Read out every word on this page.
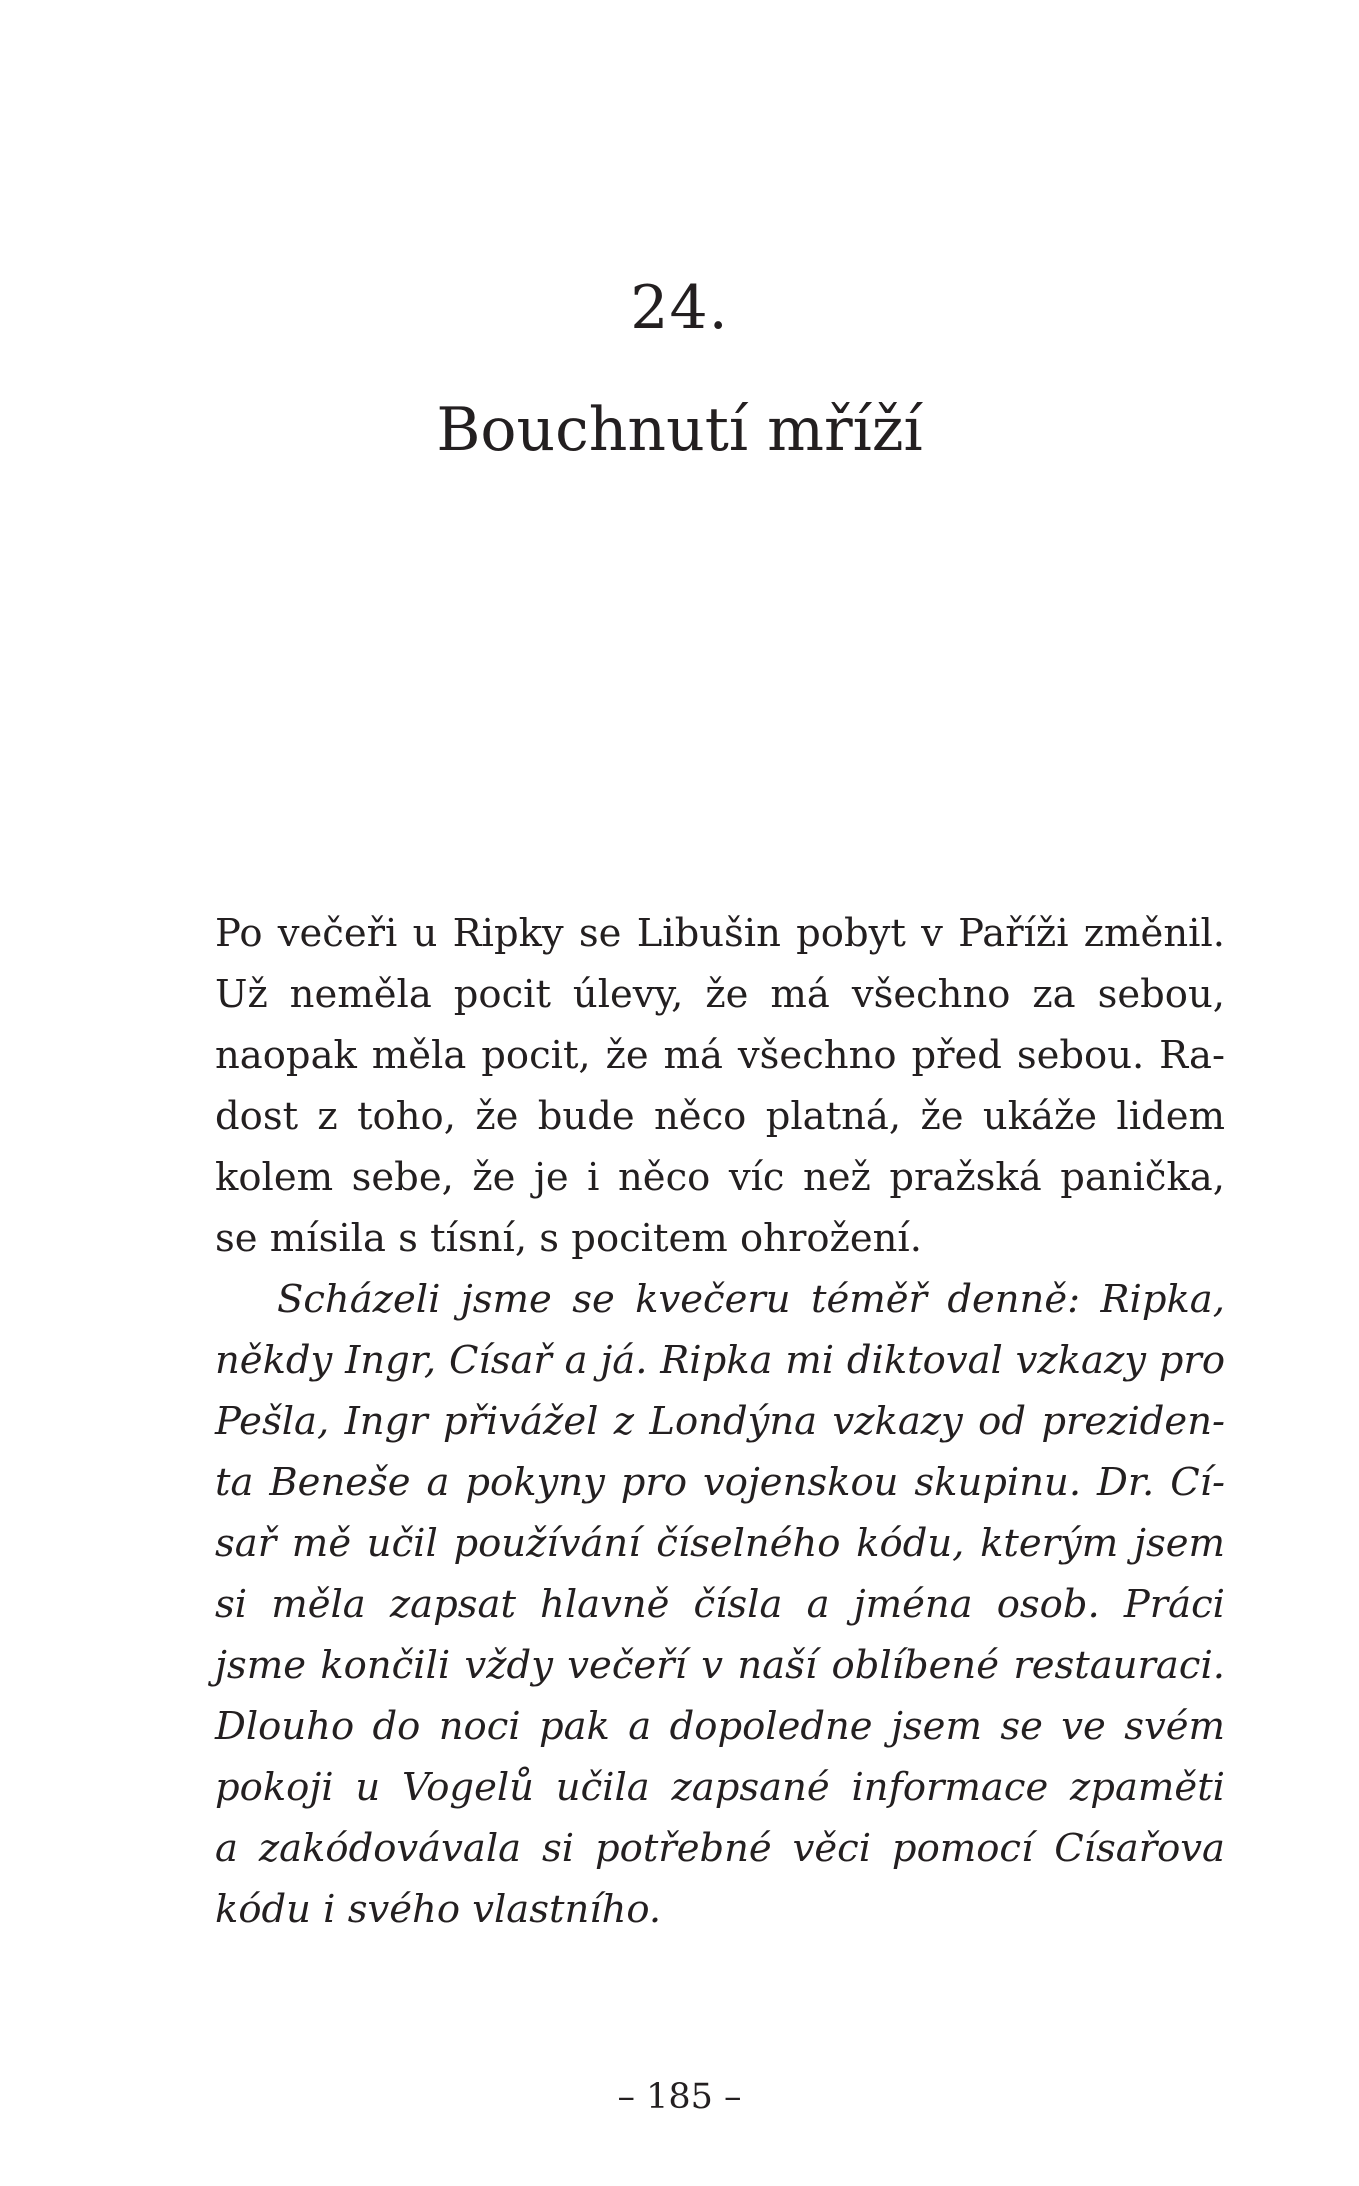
24.
Bouchnutí mříží
Po večeři u Ripky se Libušin pobyt v Paříži změnil.
Už neměla pocit úlevy, že má všechno za sebou,
naopak měla pocit, že má všechno před sebou. Ra-
dost z toho, že bude něco platná, že ukáže lidem
kolem sebe, že je i něco víc než pražská panička,
se mísila s tísní, s pocitem ohrožení.
Scházeli jsme se kvečeru téměř denně: Ripka,
někdy Ingr, Císař a já. Ripka mi diktoval vzkazy pro
Pešla, Ingr přivážel z Londýna vzkazy od preziden-
ta Beneše a pokyny pro vojenskou skupinu. Dr. Cí-
sař mě učil používání číselného kódu, kterým jsem
si měla zapsat hlavně čísla a jména osob. Práci
jsme končili vždy večeří v naší oblíbené restauraci.
Dlouho do noci pak a dopoledne jsem se ve svém
pokoji u Vogelů učila zapsané informace zpaměti
a zakódovávala si potřebné věci pomocí Císařova
kódu i svého vlastního.
– 185 –
